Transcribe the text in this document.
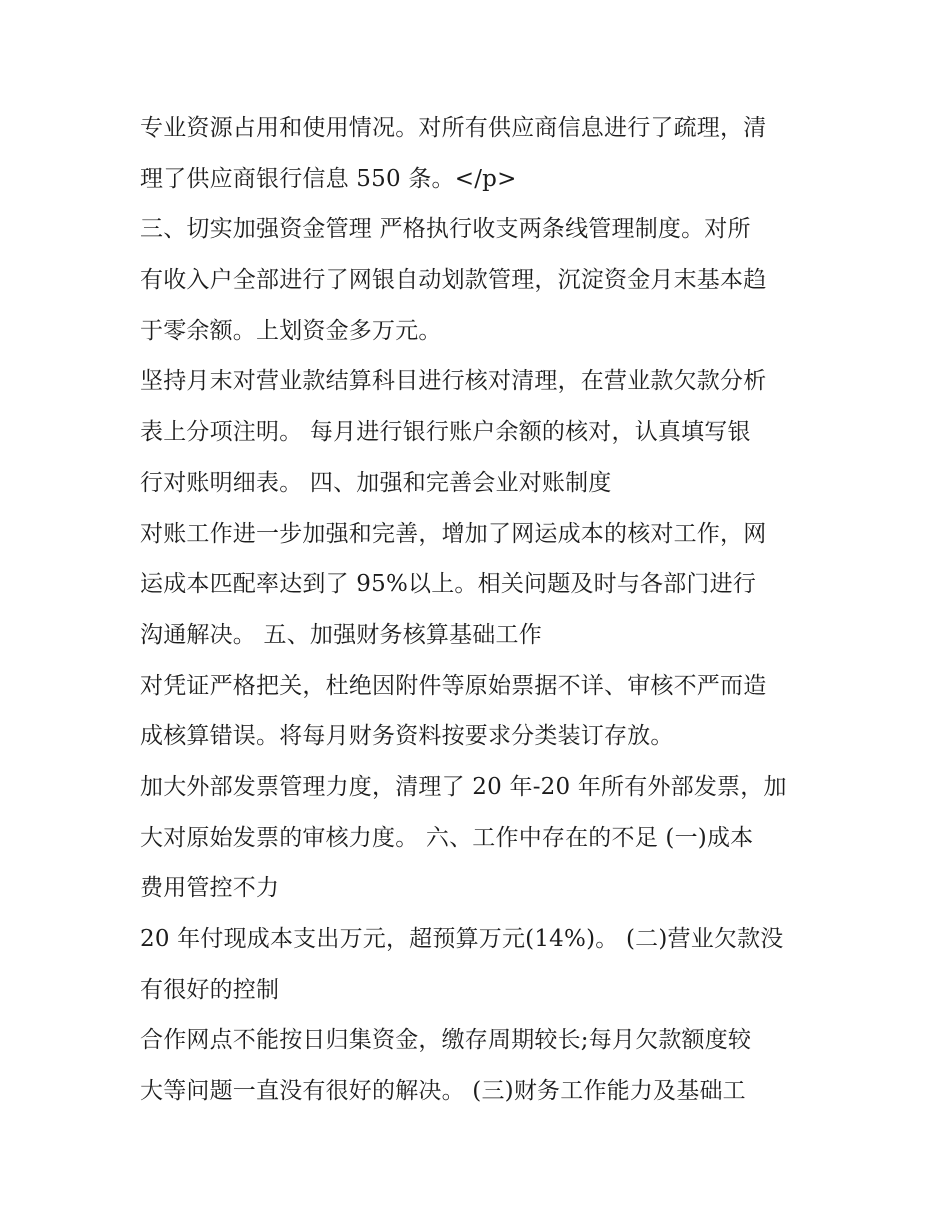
专业资源占用和使用情况。对所有供应商信息进行了疏理，清
理了供应商银行信息 550 条。</p>
三、切实加强资金管理 严格执行收支两条线管理制度。对所
有收入户全部进行了网银自动划款管理，沉淀资金月末基本趋
于零余额。上划资金多万元。
坚持月末对营业款结算科目进行核对清理，在营业款欠款分析
表上分项注明。 每月进行银行账户余额的核对，认真填写银
行对账明细表。 四、加强和完善会业对账制度
对账工作进一步加强和完善，增加了网运成本的核对工作，网
运成本匹配率达到了 95%以上。相关问题及时与各部门进行
沟通解决。 五、加强财务核算基础工作
对凭证严格把关，杜绝因附件等原始票据不详、审核不严而造
成核算错误。将每月财务资料按要求分类装订存放。
加大外部发票管理力度，清理了 20 年-20 年所有外部发票，加
大对原始发票的审核力度。 六、工作中存在的不足 (一)成本
费用管控不力
20 年付现成本支出万元，超预算万元(14%)。 (二)营业欠款没
有很好的控制
合作网点不能按日归集资金，缴存周期较长;每月欠款额度较
大等问题一直没有很好的解决。 (三)财务工作能力及基础工
